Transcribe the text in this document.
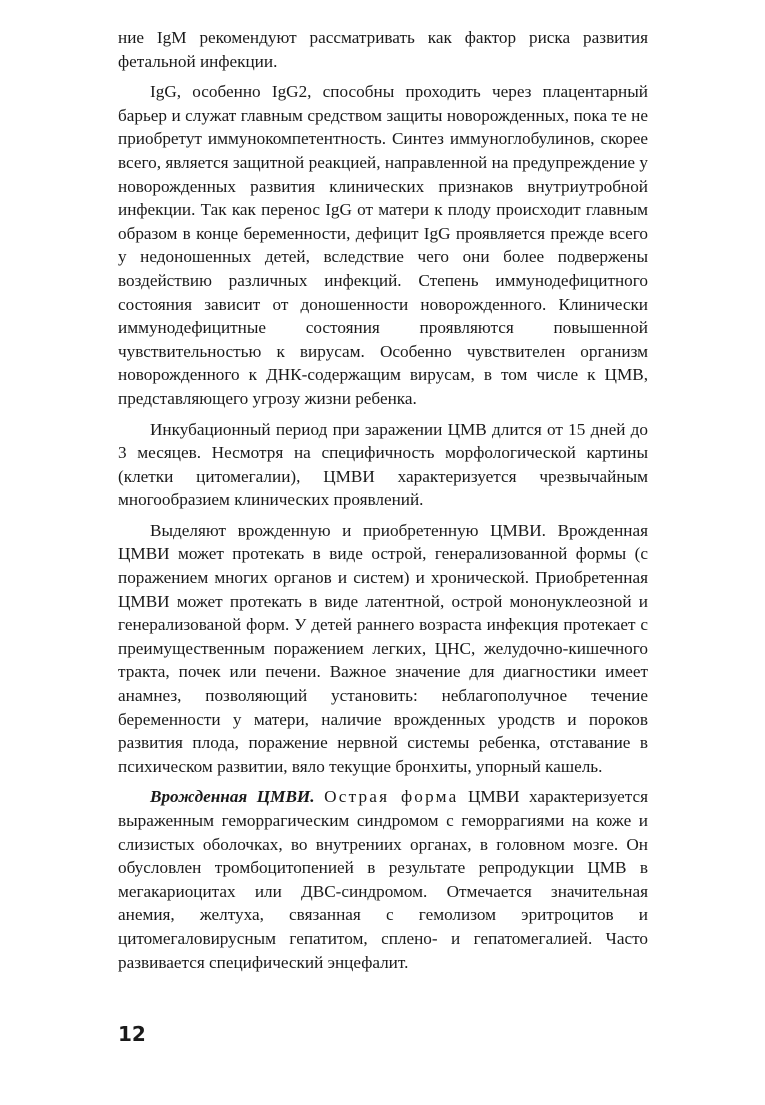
ние IgM рекомендуют рассматривать как фактор риска развития фетальной инфекции.

IgG, особенно IgG2, способны проходить через плацентарный барьер и служат главным средством защиты новорожденных, пока те не приобретут иммунокомпетентность. Синтез иммуноглобулинов, скорее всего, является защитной реакцией, направленной на предупреждение у новорожденных развития клинических признаков внутриутробной инфекции. Так как перенос IgG от матери к плоду происходит главным образом в конце беременности, дефицит IgG проявляется прежде всего у недоношенных детей, вследствие чего они более подвержены воздействию различных инфекций. Степень иммунодефицитного состояния зависит от доношенности новорожденного. Клинически иммунодефицитные состояния проявляются повышенной чувствительностью к вирусам. Особенно чувствителен организм новорожденного к ДНК-содержащим вирусам, в том числе к ЦМВ, представляющего угрозу жизни ребенка.

Инкубационный период при заражении ЦМВ длится от 15 дней до 3 месяцев. Несмотря на специфичность морфологической картины (клетки цитомегалии), ЦМВИ характеризуется чрезвычайным многообразием клинических проявлений.

Выделяют врожденную и приобретенную ЦМВИ. Врожденная ЦМВИ может протекать в виде острой, генерализованной формы (с поражением многих органов и систем) и хронической. Приобретенная ЦМВИ может протекать в виде латентной, острой мононуклеозной и генерализованой форм. У детей раннего возраста инфекция протекает с преимущественным поражением легких, ЦНС, желудочно-кишечного тракта, почек или печени. Важное значение для диагностики имеет анамнез, позволяющий установить: неблагополучное течение беременности у матери, наличие врожденных уродств и пороков развития плода, поражение нервной системы ребенка, отставание в психическом развитии, вяло текущие бронхиты, упорный кашель.

Врожденная ЦМВИ. Острая форма ЦМВИ характеризуется выраженным геморрагическим синдромом с геморрагиями на коже и слизистых оболочках, во внутрениих органах, в головном мозге. Он обусловлен тромбоцитопенией в результате репродукции ЦМВ в мегакариоцитах или ДВС-синдромом. Отмечается значительная анемия, желтуха, связанная с гемолизом эритроцитов и цитомегаловирусным гепатитом, сплено- и гепатомегалией. Часто развивается специфический энцефалит.

12
